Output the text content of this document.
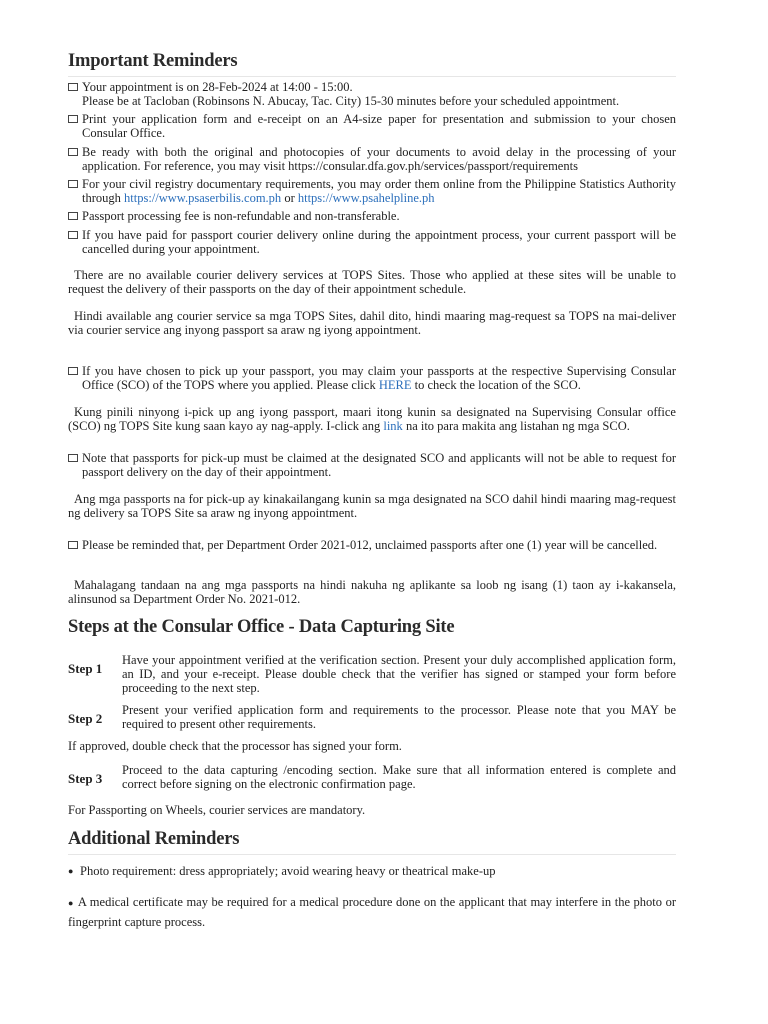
Important Reminders
Your appointment is on 28-Feb-2024 at 14:00 - 15:00.
Please be at Tacloban (Robinsons N. Abucay, Tac. City) 15-30 minutes before your scheduled appointment.
Print your application form and e-receipt on an A4-size paper for presentation and submission to your chosen Consular Office.
Be ready with both the original and photocopies of your documents to avoid delay in the processing of your application. For reference, you may visit https://consular.dfa.gov.ph/services/passport/requirements
For your civil registry documentary requirements, you may order them online from the Philippine Statistics Authority through https://www.psaserbilis.com.ph or https://www.psahelpline.ph
Passport processing fee is non-refundable and non-transferable.
If you have paid for passport courier delivery online during the appointment process, your current passport will be cancelled during your appointment.
There are no available courier delivery services at TOPS Sites. Those who applied at these sites will be unable to request the delivery of their passports on the day of their appointment schedule.
Hindi available ang courier service sa mga TOPS Sites, dahil dito, hindi maaring mag-request sa TOPS na mai-deliver via courier service ang inyong passport sa araw ng iyong appointment.
If you have chosen to pick up your passport, you may claim your passports at the respective Supervising Consular Office (SCO) of the TOPS where you applied. Please click HERE to check the location of the SCO.
Kung pinili ninyong i-pick up ang iyong passport, maari itong kunin sa designated na Supervising Consular office (SCO) ng TOPS Site kung saan kayo ay nag-apply. I-click ang link na ito para makita ang listahan ng mga SCO.
Note that passports for pick-up must be claimed at the designated SCO and applicants will not be able to request for passport delivery on the day of their appointment.
Ang mga passports na for pick-up ay kinakailangang kunin sa mga designated na SCO dahil hindi maaring mag-request ng delivery sa TOPS Site sa araw ng inyong appointment.
Please be reminded that, per Department Order 2021-012, unclaimed passports after one (1) year will be cancelled.
Mahalagang tandaan na ang mga passports na hindi nakuha ng aplikante sa loob ng isang (1) taon ay i-kakansela, alinsunod sa Department Order No. 2021-012.
Steps at the Consular Office - Data Capturing Site
Step 1
Have your appointment verified at the verification section. Present your duly accomplished application form, an ID, and your e-receipt. Please double check that the verifier has signed or stamped your form before proceeding to the next step.
Step 2
Present your verified application form and requirements to the processor. Please note that you MAY be required to present other requirements.
If approved, double check that the processor has signed your form.
Step 3
Proceed to the data capturing /encoding section. Make sure that all information entered is complete and correct before signing on the electronic confirmation page.
For Passporting on Wheels, courier services are mandatory.
Additional Reminders
● Photo requirement: dress appropriately; avoid wearing heavy or theatrical make-up
● A medical certificate may be required for a medical procedure done on the applicant that may interfere in the photo or fingerprint capture process.
